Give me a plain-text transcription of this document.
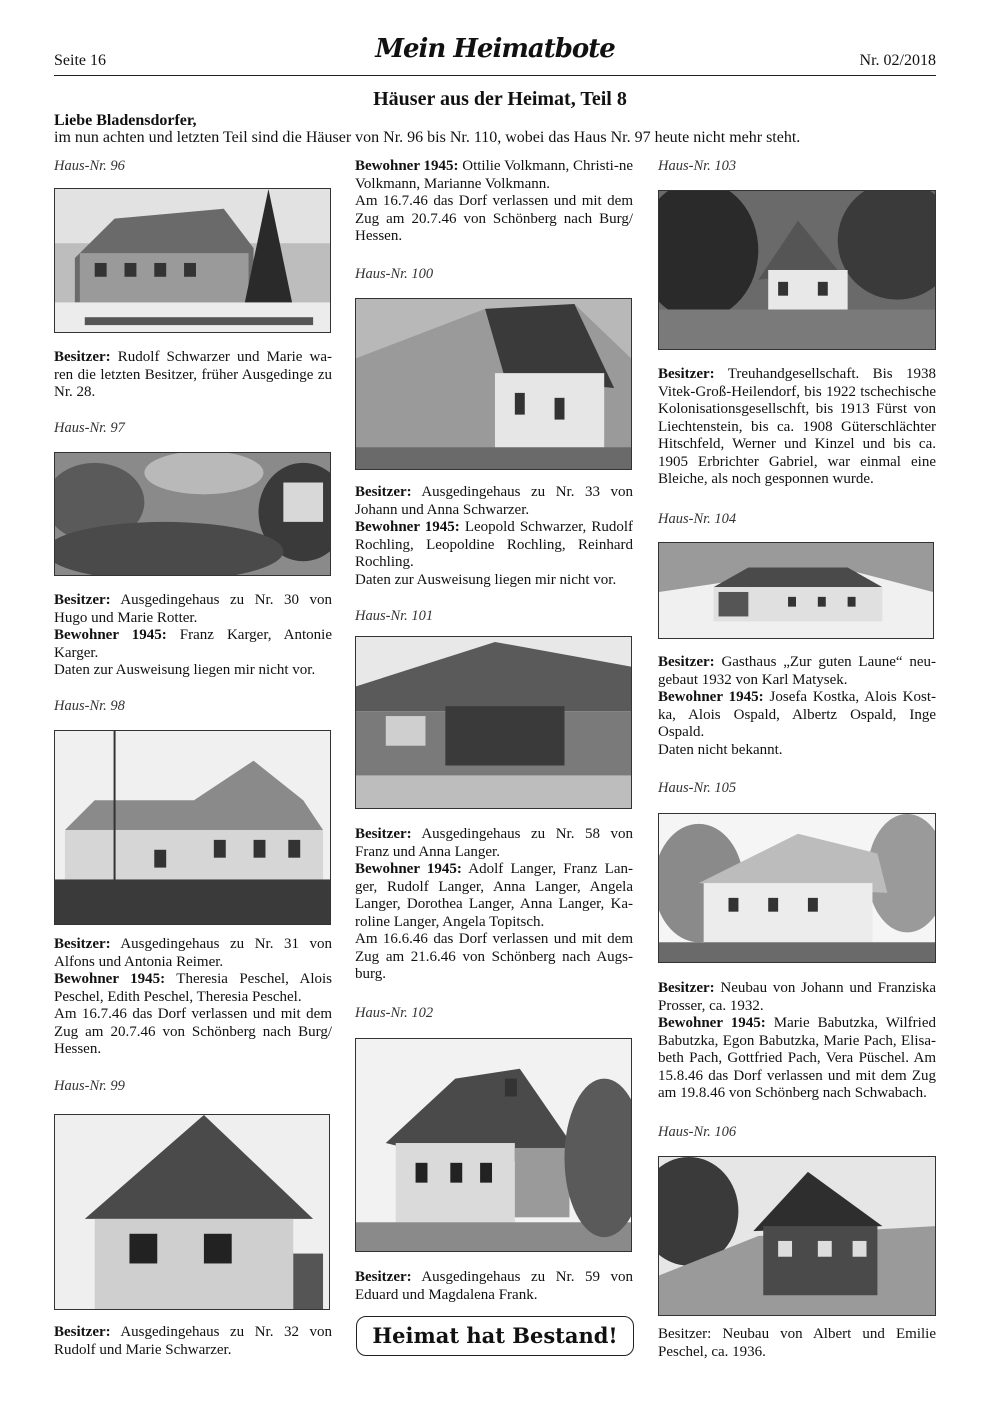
Seite 16	Mein Heimatbote	Nr. 02/2018
Häuser aus der Heimat, Teil 8
Liebe Bladensdorfer,
im nun achten und letzten Teil sind die Häuser von Nr. 96 bis Nr. 110, wobei das Haus Nr. 97 heute nicht mehr steht.
Haus-Nr. 96
Besitzer: Rudolf Schwarzer und Marie wa-ren die letzten Besitzer, früher Ausgedinge zu Nr. 28.
Haus-Nr. 97
Besitzer: Ausgedingehaus zu Nr. 30 von Hugo und Marie Rotter.
Bewohner 1945: Franz Karger, Antonie Karger.
Daten zur Ausweisung liegen mir nicht vor.
Haus-Nr. 98
Besitzer: Ausgedingehaus zu Nr. 31 von Alfons und Antonia Reimer.
Bewohner 1945: Theresia Peschel, Alois Peschel, Edith Peschel, Theresia Peschel.
Am 16.7.46 das Dorf verlassen und mit dem Zug am 20.7.46 von Schönberg nach Burg/ Hessen.
Haus-Nr. 99
Besitzer: Ausgedingehaus zu Nr. 32 von Rudolf und Marie Schwarzer.
Bewohner 1945: Ottilie Volkmann, Christi-ne Volkmann, Marianne Volkmann.
Am 16.7.46 das Dorf verlassen und mit dem Zug am 20.7.46 von Schönberg nach Burg/ Hessen.
Haus-Nr. 100
Besitzer: Ausgedingehaus zu Nr. 33 von Johann und Anna Schwarzer.
Bewohner 1945: Leopold Schwarzer, Rudolf Rochling, Leopoldine Rochling, Reinhard Rochling.
Daten zur Ausweisung liegen mir nicht vor.
Haus-Nr. 101
Besitzer: Ausgedingehaus zu Nr. 58 von Franz und Anna Langer.
Bewohner 1945: Adolf Langer, Franz Lan-ger, Rudolf Langer, Anna Langer, Angela Langer, Dorothea Langer, Anna Langer, Ka-roline Langer, Angela Topitsch.
Am 16.6.46 das Dorf verlassen und mit dem Zug am 21.6.46 von Schönberg nach Augs-burg.
Haus-Nr. 102
Besitzer: Ausgedingehaus zu Nr. 59 von Eduard und Magdalena Frank.
Heimat hat Bestand!
Haus-Nr. 103
Besitzer: Treuhandgesellschaft. Bis 1938 Vitek-Groß-Heilendorf, bis 1922 tschechische Kolonisationsgesellschft, bis 1913 Fürst von Liechtenstein, bis ca. 1908 Güterschlächter Hitschfeld, Werner und Kinzel und bis ca. 1905 Erbrichter Gabriel, war einmal eine Bleiche, als noch gesponnen wurde.
Haus-Nr. 104
Besitzer: Gasthaus „Zur guten Laune“ neu-gebaut 1932 von Karl Matysek.
Bewohner 1945: Josefa Kostka, Alois Kost-ka, Alois Ospald, Albertz Ospald, Inge Ospald.
Daten nicht bekannt.
Haus-Nr. 105
Besitzer: Neubau von Johann und Franziska Prosser, ca. 1932.
Bewohner 1945: Marie Babutzka, Wilfried Babutzka, Egon Babutzka, Marie Pach, Elisa-beth Pach, Gottfried Pach, Vera Püschel. Am 15.8.46 das Dorf verlassen und mit dem Zug am 19.8.46 von Schönberg nach Schwabach.
Haus-Nr. 106
Besitzer: Neubau von Albert und Emilie Peschel, ca. 1936.
